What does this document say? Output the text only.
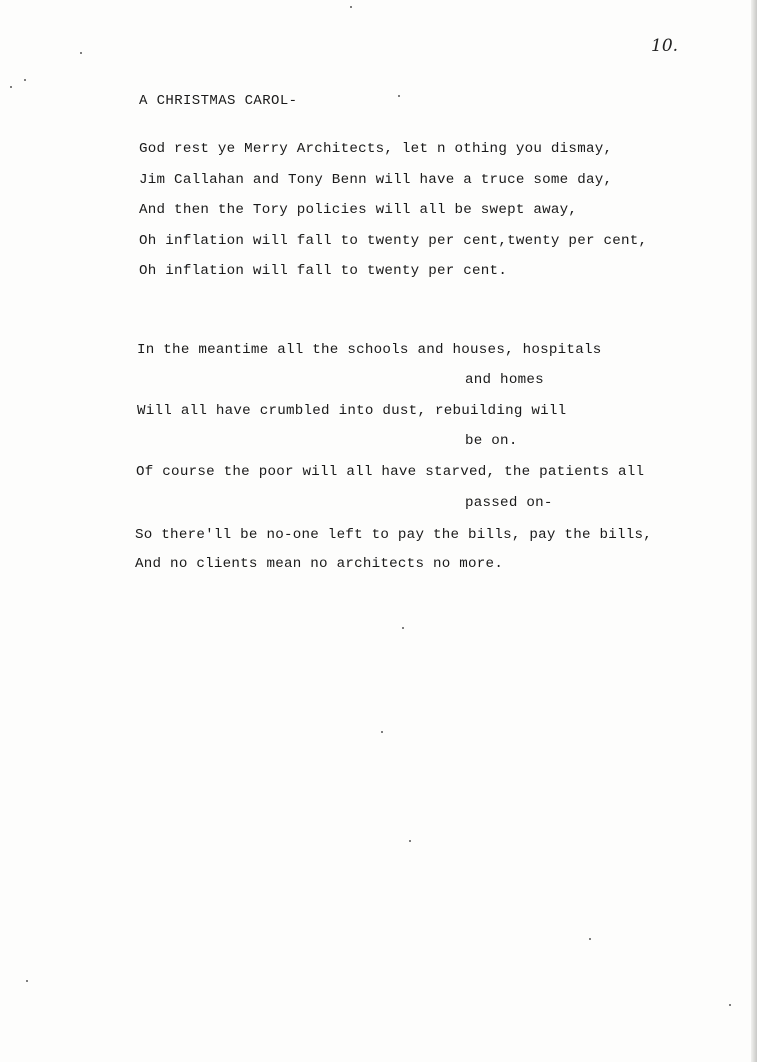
10.
A CHRISTMAS CAROL-
God rest ye Merry Architects, let n othing you dismay,
Jim Callahan and Tony Benn will have a truce some day,
And then the Tory policies will all be swept away,
Oh inflation will fall to twenty per cent,twenty per cent,
Oh inflation will fall to twenty per cent.
In the meantime all the schools and houses, hospitals
and homes
Will all have crumbled into dust, rebuilding will
be on.
Of course the poor will all have starved, the patients all
passed on-
So there'll be no-one left to pay the bills, pay the bills,
And no clients mean no architects no more.
